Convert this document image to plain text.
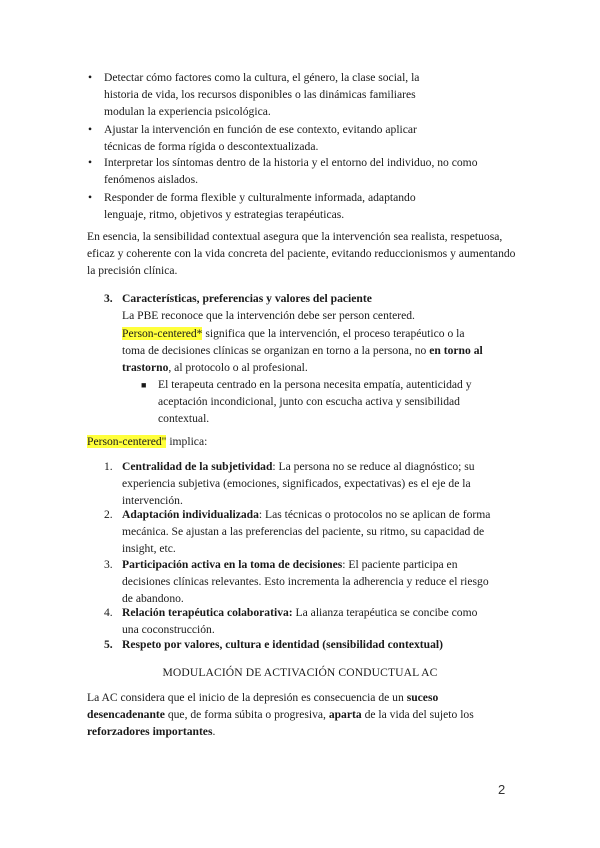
• Detectar cómo factores como la cultura, el género, la clase social, la historia de vida, los recursos disponibles o las dinámicas familiares modulan la experiencia psicológica.
• Ajustar la intervención en función de ese contexto, evitando aplicar técnicas de forma rígida o descontextualizada.
• Interpretar los síntomas dentro de la historia y el entorno del individuo, no como fenómenos aislados.
• Responder de forma flexible y culturalmente informada, adaptando lenguaje, ritmo, objetivos y estrategias terapéuticas.
En esencia, la sensibilidad contextual asegura que la intervención sea realista, respetuosa, eficaz y coherente con la vida concreta del paciente, evitando reduccionismos y aumentando la precisión clínica.
3. Características, preferencias y valores del paciente
La PBE reconoce que la intervención debe ser person centered.
Person-centered* significa que la intervención, el proceso terapéutico o la toma de decisiones clínicas se organizan en torno a la persona, no en torno al trastorno, al protocolo o al profesional.
■ El terapeuta centrado en la persona necesita empatía, autenticidad y aceptación incondicional, junto con escucha activa y sensibilidad contextual.
Person-centered" implica:
1. Centralidad de la subjetividad: La persona no se reduce al diagnóstico; su experiencia subjetiva (emociones, significados, expectativas) es el eje de la intervención.
2. Adaptación individualizada: Las técnicas o protocolos no se aplican de forma mecánica. Se ajustan a las preferencias del paciente, su ritmo, su capacidad de insight, etc.
3. Participación activa en la toma de decisiones: El paciente participa en decisiones clínicas relevantes. Esto incrementa la adherencia y reduce el riesgo de abandono.
4. Relación terapéutica colaborativa: La alianza terapéutica se concibe como una coconstrucción.
5. Respeto por valores, cultura e identidad (sensibilidad contextual)
MODULACIÓN DE ACTIVACIÓN CONDUCTUAL AC
La AC considera que el inicio de la depresión es consecuencia de un suceso desencadenante que, de forma súbita o progresiva, aparta de la vida del sujeto los reforzadores importantes.
2
